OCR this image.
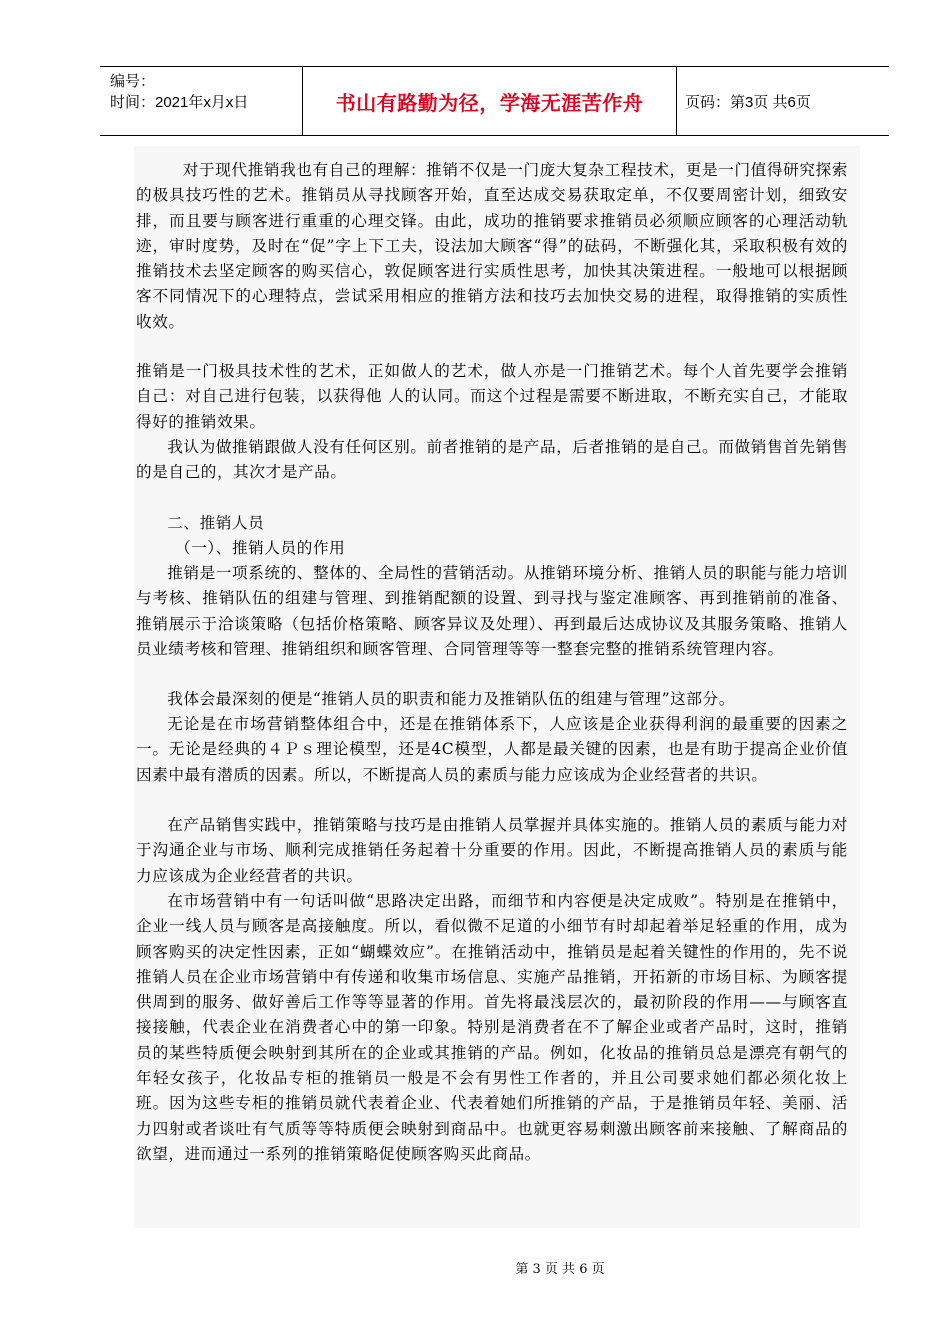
编号：
时间：2021年x月x日	书山有路勤为径，学海无涯苦作舟	页码：第3页 共6页

对于现代推销我也有自己的理解：推销不仅是一门庞大复杂工程技术，更是一门值得研究探索的极具技巧性的艺术。推销员从寻找顾客开始，直至达成交易获取定单，不仅要周密计划，细致安排，而且要与顾客进行重重的心理交锋。由此，成功的推销要求推销员必须顺应顾客的心理活动轨迹，审时度势，及时在“促”字上下工夫，设法加大顾客“得”的砝码，不断强化其，采取积极有效的推销技术去坚定顾客的购买信心，敦促顾客进行实质性思考，加快其决策进程。一般地可以根据顾客不同情况下的心理特点，尝试采用相应的推销方法和技巧去加快交易的进程，取得推销的实质性收效。

推销是一门极具技术性的艺术，正如做人的艺术，做人亦是一门推销艺术。每个人首先要学会推销自己：对自己进行包装，以获得他 人的认同。而这个过程是需要不断进取，不断充实自己，才能取得好的推销效果。

我认为做推销跟做人没有任何区别。前者推销的是产品，后者推销的是自己。而做销售首先销售的是自己的，其次才是产品。

二、推销人员

（一）、推销人员的作用

推销是一项系统的、整体的、全局性的营销活动。从推销环境分析、推销人员的职能与能力培训与考核、推销队伍的组建与管理、到推销配额的设置、到寻找与鉴定准顾客、再到推销前的准备、推销展示于洽谈策略（包括价格策略、顾客异议及处理）、再到最后达成协议及其服务策略、推销人员业绩考核和管理、推销组织和顾客管理、合同管理等等一整套完整的推销系统管理内容。

我体会最深刻的便是“推销人员的职责和能力及推销队伍的组建与管理”这部分。

无论是在市场营销整体组合中，还是在推销体系下，人应该是企业获得利润的最重要的因素之一。无论是经典的４Ｐｓ理论模型，还是4C模型，人都是最关键的因素，也是有助于提高企业价值因素中最有潜质的因素。所以，不断提高人员的素质与能力应该成为企业经营者的共识。

在产品销售实践中，推销策略与技巧是由推销人员掌握并具体实施的。推销人员的素质与能力对于沟通企业与市场、顺利完成推销任务起着十分重要的作用。因此，不断提高推销人员的素质与能力应该成为企业经营者的共识。

在市场营销中有一句话叫做“思路决定出路，而细节和内容便是决定成败”。特别是在推销中，企业一线人员与顾客是高接触度。所以，看似微不足道的小细节有时却起着举足轻重的作用，成为顾客购买的决定性因素，正如“蝴蝶效应”。在推销活动中，推销员是起着关键性的作用的，先不说推销人员在企业市场营销中有传递和收集市场信息、实施产品推销，开拓新的市场目标、为顾客提供周到的服务、做好善后工作等等显著的作用。首先将最浅层次的，最初阶段的作用——与顾客直接接触，代表企业在消费者心中的第一印象。特别是消费者在不了解企业或者产品时，这时，推销员的某些特质便会映射到其所在的企业或其推销的产品。例如，化妆品的推销员总是漂亮有朝气的年轻女孩子，化妆品专柜的推销员一般是不会有男性工作者的，并且公司要求她们都必须化妆上班。因为这些专柜的推销员就代表着企业、代表着她们所推销的产品，于是推销员年轻、美丽、活力四射或者谈吐有气质等等特质便会映射到商品中。也就更容易刺激出顾客前来接触、了解商品的欲望，进而通过一系列的推销策略促使顾客购买此商品。

第 3 页 共 6 页
